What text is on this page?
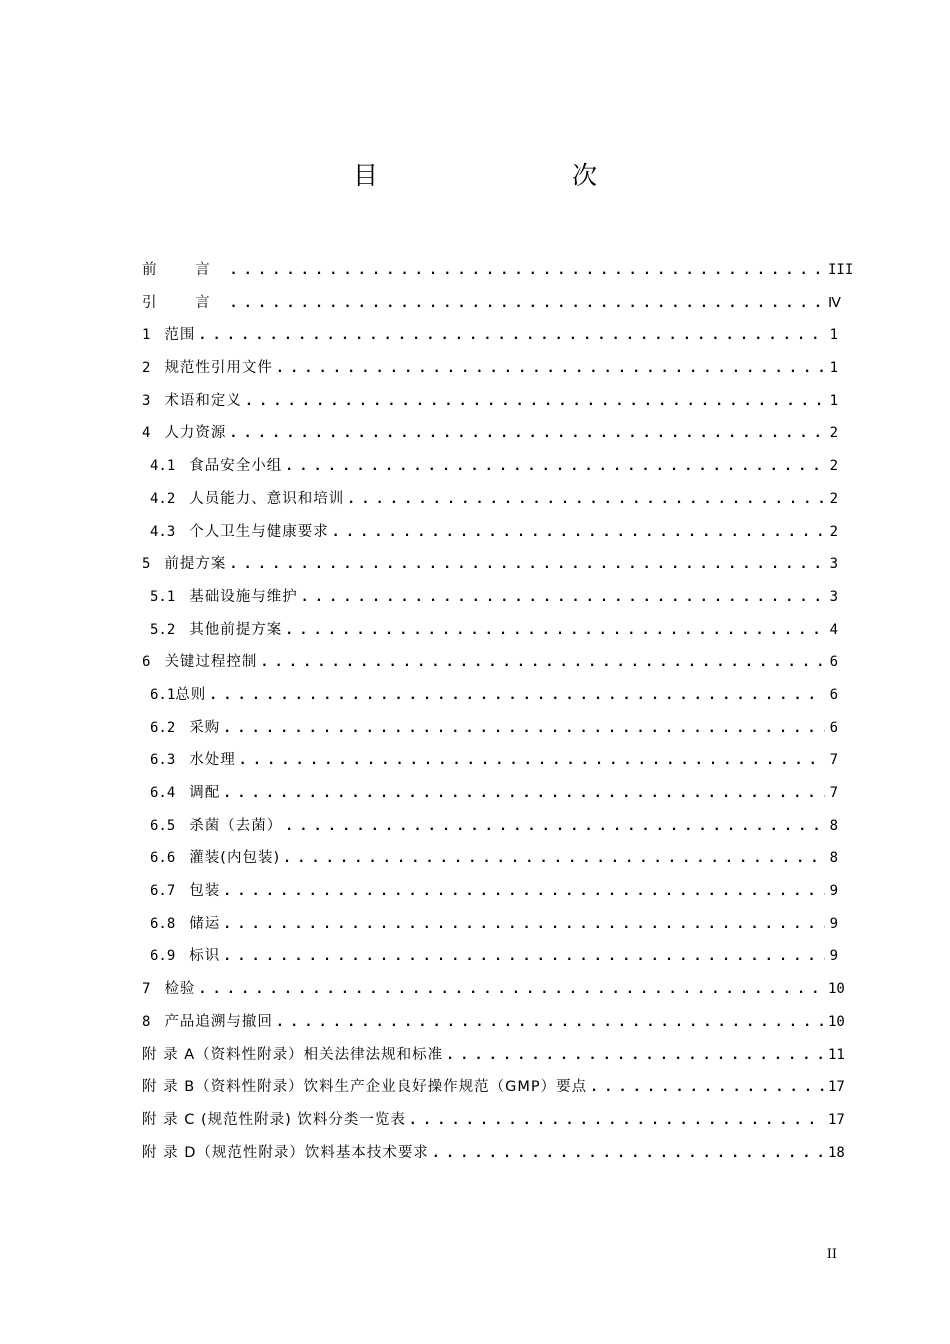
目　　次
前 言 . . .	III
引 言 . . .	Ⅳ
1 范围 . . .	1
2 规范性引用文件 . . .	1
3 术语和定义 . . .	1
4 人力资源 . . .	2
4.1 食品安全小组 . . .	2
4.2 人员能力、意识和培训 . . .	2
4.3 个人卫生与健康要求 . . .	2
5 前提方案 . . .	3
5.1 基础设施与维护 . . .	3
5.2 其他前提方案 . . .	4
6 关键过程控制 . . .	6
6.1 总则 . . .	6
6.2 采购 . . .	6
6.3 水处理 . . .	7
6.4 调配 . . .	7
6.5 杀菌（去菌） . . .	8
6.6 灌装(内包装) . . .	8
6.7 包装 . . .	9
6.8 储运 . . .	9
6.9 标识 . . .	9
7 检验 . . .	10
8 产品追溯与撤回 . . .	10
附 录 A（资料性附录）相关法律法规和标准 . . .	11
附 录 B（资料性附录）饮料生产企业良好操作规范（GMP）要点 . . .	17
附 录 C (规范性附录) 饮料分类一览表 . . .	17
附 录 D（规范性附录）饮料基本技术要求 . . .	18
II
